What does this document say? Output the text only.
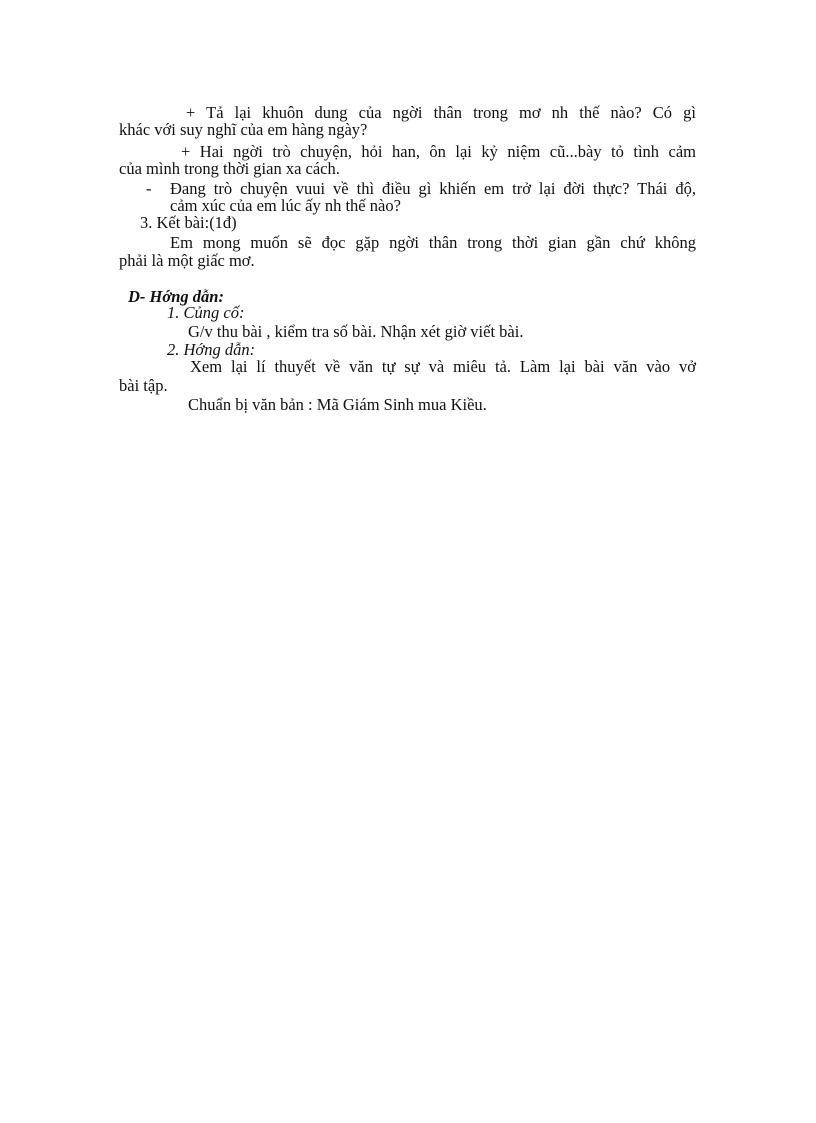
+ Tả lại khuôn dung của ngời thân trong mơ nh thế nào? Có gì
khác với suy nghĩ của em hàng ngày?
+ Hai ngời trò chuyện, hỏi han, ôn lại kỷ niệm cũ...bày tỏ tình cảm
của mình trong thời gian xa cách.
- Đang trò chuyện vuui về thì điều gì khiến em trở lại đời thực? Thái độ,
cảm xúc của em lúc ấy nh thế nào?
3. Kết bài:(1đ)
Em mong muốn sẽ đọc gặp ngời thân trong thời gian gần chứ không
phải là một giấc mơ.
D- Hớng dẫn:
1. Củng cố:
G/v thu bài , kiểm tra số bài. Nhận xét giờ viết bài.
2. Hớng dẫn:
Xem lại lí thuyết về văn tự sự và miêu tả. Làm lại bài văn vào vở
bài tập.
Chuẩn bị văn bản : Mã Giám Sinh mua Kiều.
